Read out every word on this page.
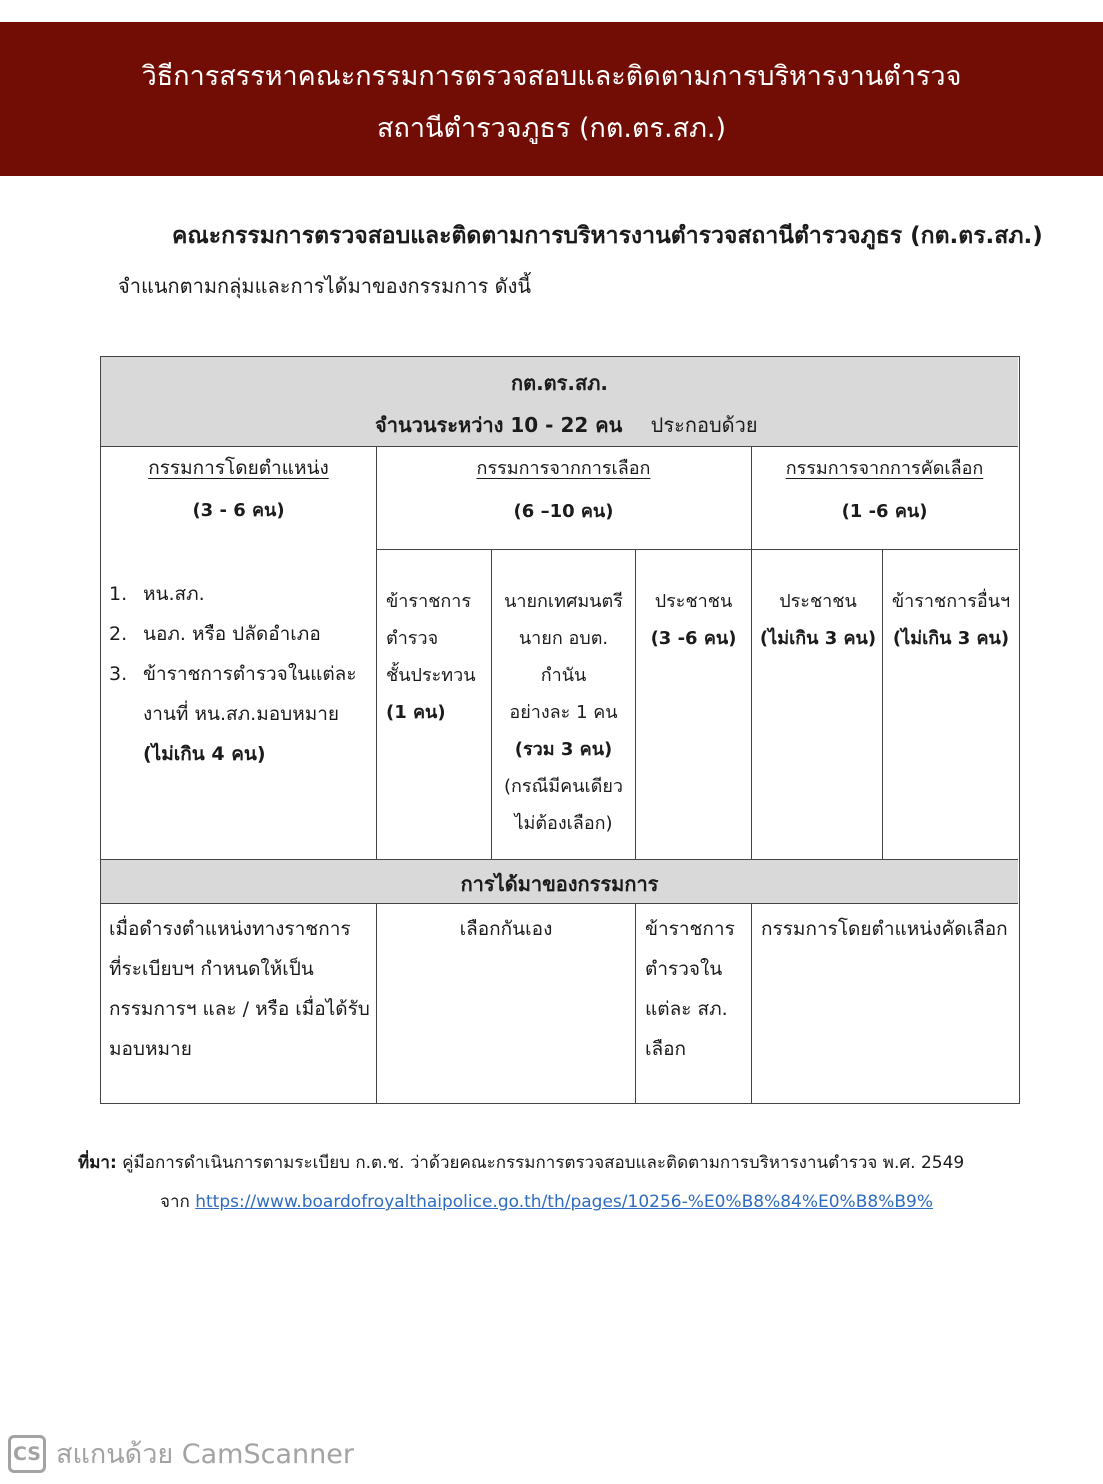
วิธีการสรรหาคณะกรรมการตรวจสอบและติดตามการบริหารงานตำรวจ
สถานีตำรวจภูธร (กต.ตร.สภ.)
คณะกรรมการตรวจสอบและติดตามการบริหารงานตำรวจสถานีตำรวจภูธร (กต.ตร.สภ.)
จำแนกตามกลุ่มและการได้มาของกรรมการ ดังนี้
กต.ตร.สภ.
จำนวนระหว่าง 10 - 22 คน ประกอบด้วย
การได้มาของกรรมการ
กรรมการโดยตำแหน่ง
(3 - 6 คน)
1. หน.สภ.
2. นอภ. หรือ ปลัดอำเภอ
3. ข้าราชการตำรวจในแต่ละ
งานที่ หน.สภ.มอบหมาย
(ไม่เกิน 4 คน)
กรรมการจากการเลือก
(6 –10 คน)
ข้าราชการ
ตำรวจ
ชั้นประทวน
(1 คน)
นายกเทศมนตรี
นายก อบต.
กำนัน
อย่างละ 1 คน
(รวม 3 คน)
(กรณีมีคนเดียว
ไม่ต้องเลือก)
ประชาชน
(3 -6 คน)
กรรมการจากการคัดเลือก
(1 -6 คน)
ประชาชน
(ไม่เกิน 3 คน)
ข้าราชการอื่นฯ
(ไม่เกิน 3 คน)
เมื่อดำรงตำแหน่งทางราชการ
ที่ระเบียบฯ กำหนดให้เป็น
กรรมการฯ และ / หรือ เมื่อได้รับ
มอบหมาย
เลือกกันเอง	ข้าราชการ
ตำรวจใน
แต่ละ สภ.
เลือก
กรรมการโดยตำแหน่งคัดเลือก
ที่มา: คู่มือการดำเนินการตามระเบียบ ก.ต.ช. ว่าด้วยคณะกรรมการตรวจสอบและติดตามการบริหารงานตำรวจ พ.ศ. 2549
จาก https://www.boardofroyalthaipolice.go.th/th/pages/10256-%E0%B8%84%E0%B8%B9%
CS สแกนด้วย CamScanner
